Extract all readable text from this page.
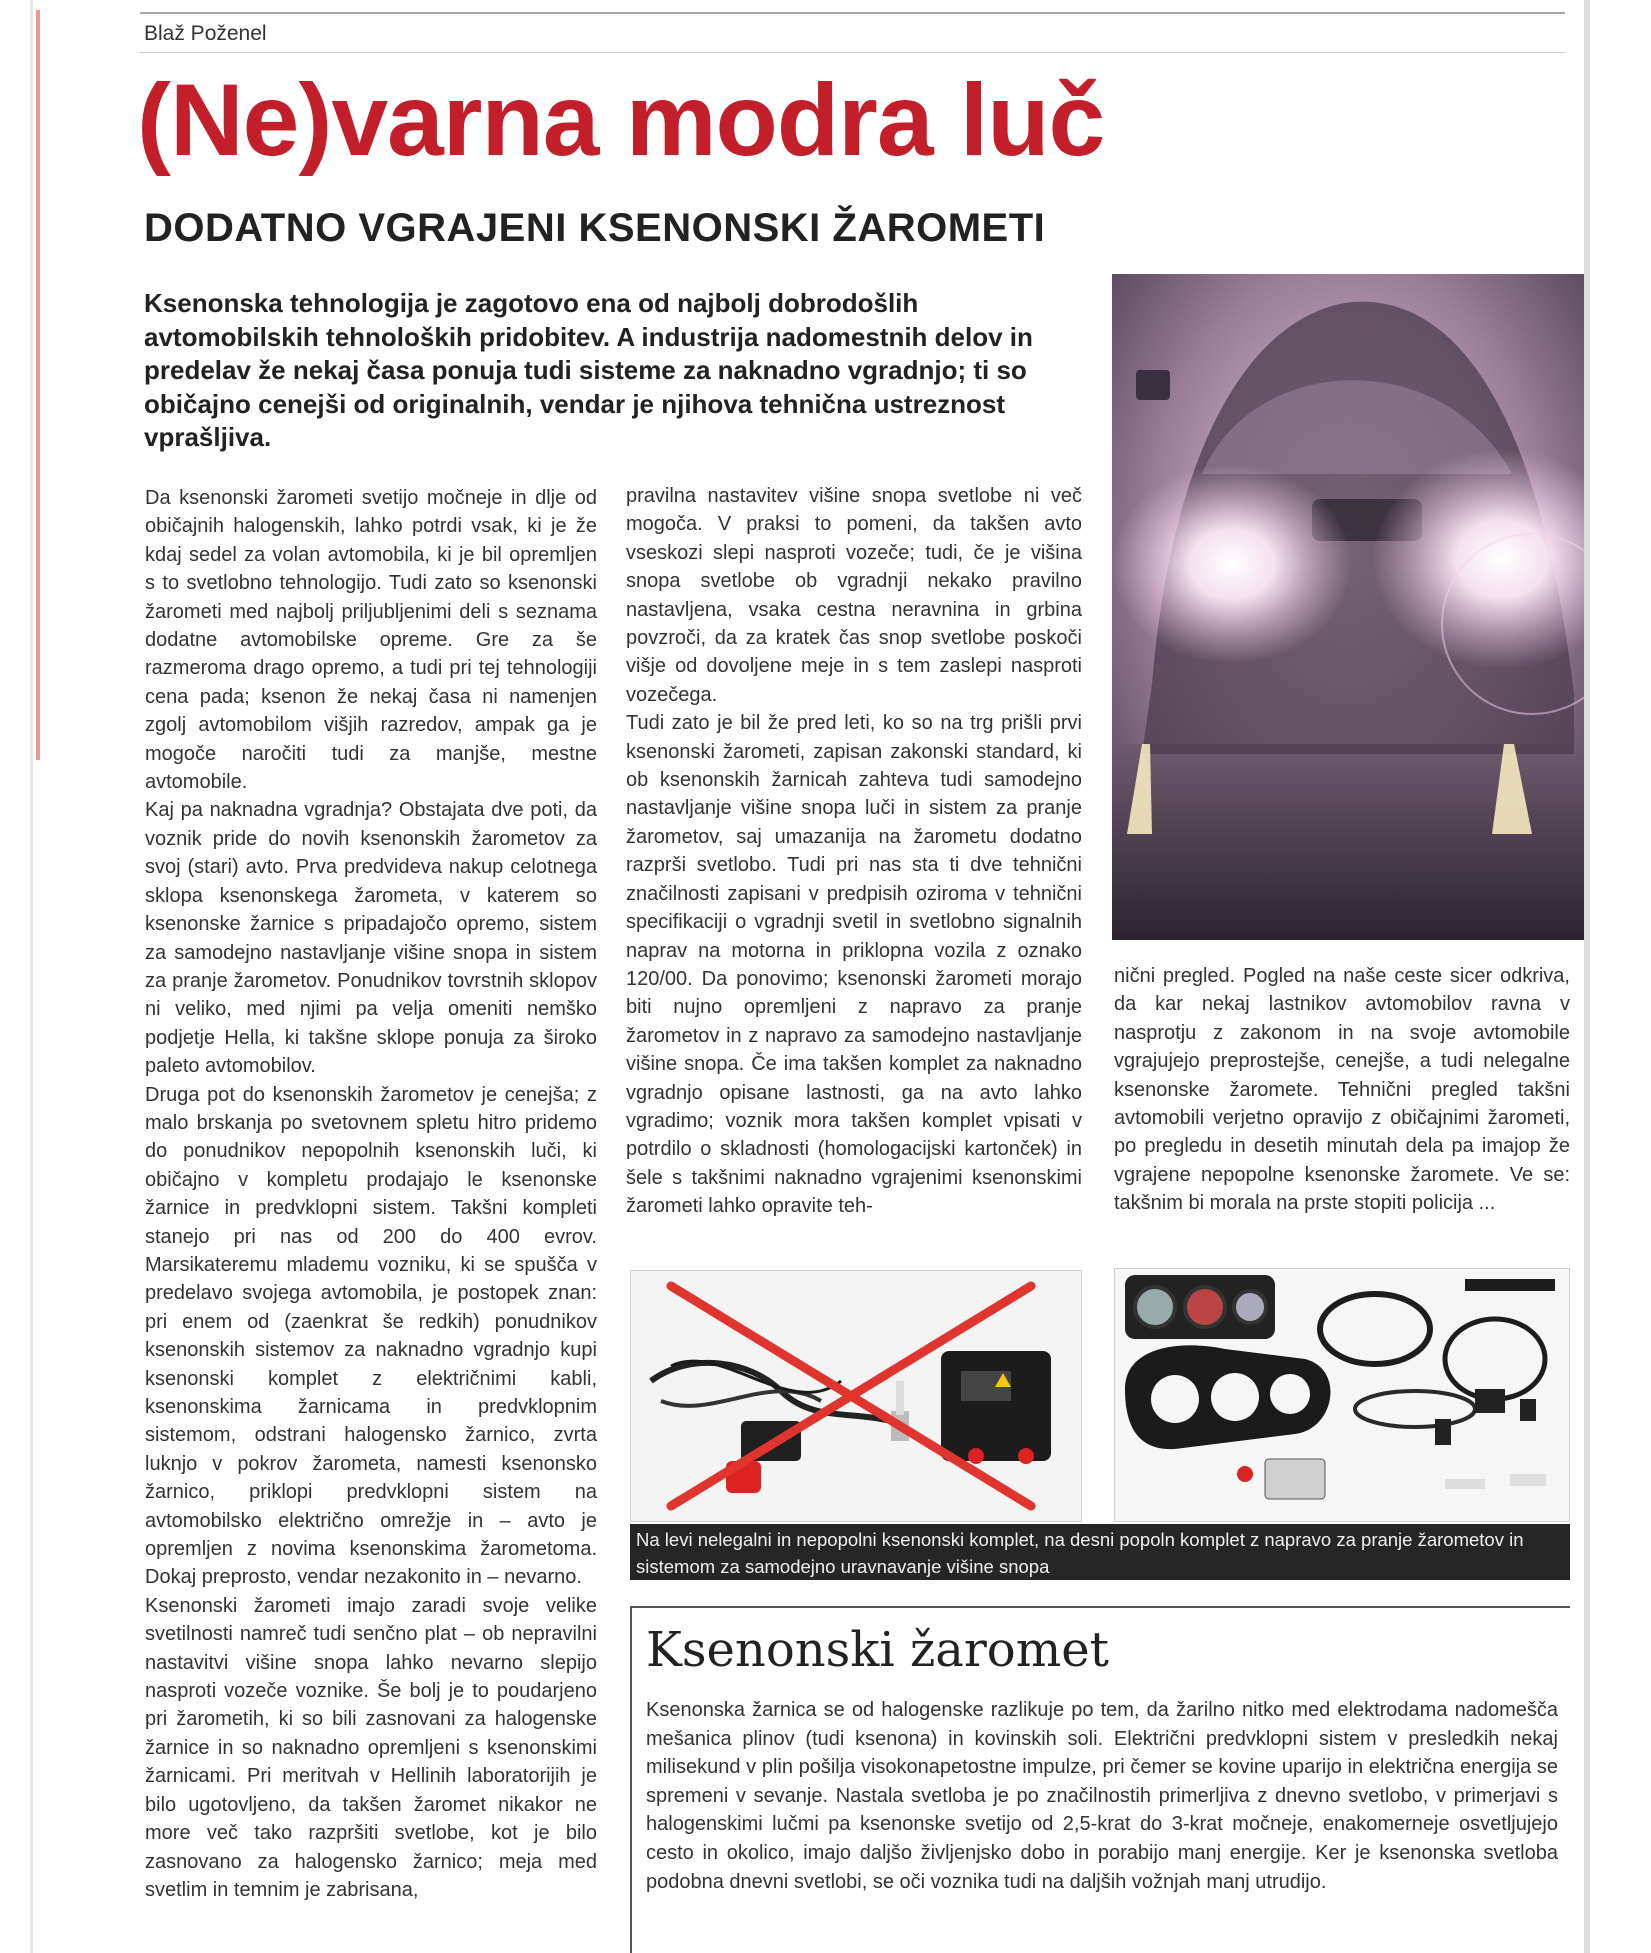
Blaž Poženel
(Ne)varna modra luč
DODATNO VGRAJENI KSENONSKI ŽAROMETI

Ksenonska tehnologija je zagotovo ena od najbolj dobrodošlih avtomobilskih tehnoloških pridobitev. A industrija nadomestnih delov in predelav že nekaj časa ponuja tudi sisteme za naknadno vgradnjo; ti so običajno cenejši od originalnih, vendar je njihova tehnična ustreznost vprašljiva.

Da ksenonski žarometi svetijo močneje in dlje od običajnih halogenskih, lahko potrdi vsak, ki je že kdaj sedel za volan avtomobila, ki je bil opremljen s to svetlobno tehnologijo. Tudi zato so ksenonski žarometi med najbolj priljubljenimi deli s seznama dodatne avtomobilske opreme. Gre za še razmeroma drago opremo, a tudi pri tej tehnologiji cena pada; ksenon že nekaj časa ni namenjen zgolj avtomobilom višjih razredov, ampak ga je mogoče naročiti tudi za manjše, mestne avtomobile.

Kaj pa naknadna vgradnja? Obstajata dve poti, da voznik pride do novih ksenonskih žarometov za svoj (stari) avto. Prva predvideva nakup celotnega sklopa ksenonskega žarometa, v katerem so ksenonske žarnice s pripadajočo opremo, sistem za samodejno nastavljanje višine snopa in sistem za pranje žarometov. Ponudnikov tovrstnih sklopov ni veliko, med njimi pa velja omeniti nemško podjetje Hella, ki takšne sklope ponuja za široko paleto avtomobilov.

Druga pot do ksenonskih žarometov je cenejša; z malo brskanja po svetovnem spletu hitro pridemo do ponudnikov nepopolnih ksenonskih luči, ki običajno v kompletu prodajajo le ksenonske žarnice in predvklopni sistem. Takšni kompleti stanejo pri nas od 200 do 400 evrov. Marsikateremu mlademu vozniku, ki se spušča v predelavo svojega avtomobila, je postopek znan: pri enem od (zaenkrat še redkih) ponudnikov ksenonskih sistemov za naknadno vgradnjo kupi ksenonski komplet z električnimi kabli, ksenonskima žarnicama in predvklopnim sistemom, odstrani halogensko žarnico, zvrta luknjo v pokrov žarometa, namesti ksenonsko žarnico, priklopi predvklopni sistem na avtomobilsko električno omrežje in – avto je opremljen z novima ksenonskima žarometoma. Dokaj preprosto, vendar nezakonito in – nevarno.

Ksenonski žarometi imajo zaradi svoje velike svetilnosti namreč tudi senčno plat – ob nepravilni nastavitvi višine snopa lahko nevarno slepijo nasproti vozeče voznike. Še bolj je to poudarjeno pri žarometih, ki so bili zasnovani za halogenske žarnice in so naknadno opremljeni s ksenonskimi žarnicami. Pri meritvah v Hellinih laboratorijih je bilo ugotovljeno, da takšen žaromet nikakor ne more več tako razpršiti svetlobe, kot je bilo zasnovano za halogensko žarnico; meja med svetlim in temnim je zabrisana,

pravilna nastavitev višine snopa svetlobe ni več mogoča. V praksi to pomeni, da takšen avto vseskozi slepi nasproti vozeče; tudi, če je višina snopa svetlobe ob vgradnji nekako pravilno nastavljena, vsaka cestna neravnina in grbina povzroči, da za kratek čas snop svetlobe poskoči višje od dovoljene meje in s tem zaslepi nasproti vozečega.

Tudi zato je bil že pred leti, ko so na trg prišli prvi ksenonski žarometi, zapisan zakonski standard, ki ob ksenonskih žarnicah zahteva tudi samodejno nastavljanje višine snopa luči in sistem za pranje žarometov, saj umazanija na žarometu dodatno razprši svetlobo. Tudi pri nas sta ti dve tehnični značilnosti zapisani v predpisih oziroma v tehnični specifikaciji o vgradnji svetil in svetlobno signalnih naprav na motorna in priklopna vozila z oznako 120/00. Da ponovimo; ksenonski žarometi morajo biti nujno opremljeni z napravo za pranje žarometov in z napravo za samodejno nastavljanje višine snopa. Če ima takšen komplet za naknadno vgradnjo opisane lastnosti, ga na avto lahko vgradimo; voznik mora takšen komplet vpisati v potrdilo o skladnosti (homologacijski kartonček) in šele s takšnimi naknadno vgrajenimi ksenonskimi žarometi lahko opravite teh-

nični pregled. Pogled na naše ceste sicer odkriva, da kar nekaj lastnikov avtomobilov ravna v nasprotju z zakonom in na svoje avtomobile vgrajujejo preprostejše, cenejše, a tudi nelegalne ksenonske žaromete. Tehnični pregled takšni avtomobili verjetno opravijo z običajnimi žarometi, po pregledu in desetih minutah dela pa imajop že vgrajene nepopolne ksenonske žarometе. Ve se: takšnim bi morala na prste stopiti policija ...

Na levi nelegalni in nepopolni ksenonski komplet, na desni popoln komplet z napravo za pranje žarometov in sistemom za samodejno uravnavanje višine snopa
Ksenonski žaromet

Ksenonska žarnica se od halogenske razlikuje po tem, da žarilno nitko med elektrodama nadomešča mešanica plinov (tudi ksenona) in kovinskih soli. Električni predvklopni sistem v presledkih nekaj milisekund v plin pošilja visokonapetostne impulze, pri čemer se kovine uparijo in električna energija se spremeni v sevanje. Nastala svetloba je po značilnostih primerljiva z dnevno svetlobo, v primerjavi s halogenskimi lučmi pa ksenonske svetijo od 2,5-krat do 3-krat močneje, enakomerneje osvetljujejo cesto in okolico, imajo daljšo življenjsko dobo in porabijo manj energije. Ker je ksenonska svetloba podobna dnevni svetlobi, se oči voznika tudi na daljših vožnjah manj utrudijo.
